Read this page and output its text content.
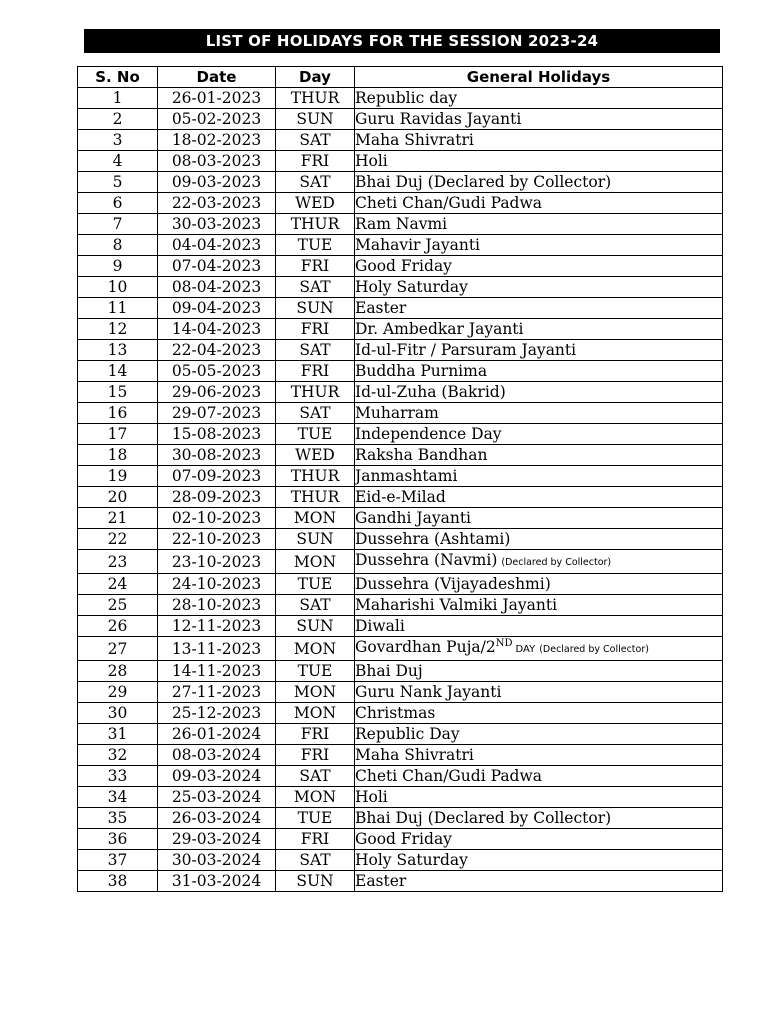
LIST OF HOLIDAYS FOR THE SESSION 2023-24
S. No	Date	Day	General Holidays
1	26-01-2023	THUR	Republic day
2	05-02-2023	SUN	Guru Ravidas Jayanti
3	18-02-2023	SAT	Maha Shivratri
4	08-03-2023	FRI	Holi
5	09-03-2023	SAT	Bhai Duj (Declared by Collector)
6	22-03-2023	WED	Cheti Chan/Gudi Padwa
7	30-03-2023	THUR	Ram Navmi
8	04-04-2023	TUE	Mahavir Jayanti
9	07-04-2023	FRI	Good Friday
10	08-04-2023	SAT	Holy Saturday
11	09-04-2023	SUN	Easter
12	14-04-2023	FRI	Dr. Ambedkar Jayanti
13	22-04-2023	SAT	Id-ul-Fitr / Parsuram Jayanti
14	05-05-2023	FRI	Buddha Purnima
15	29-06-2023	THUR	Id-ul-Zuha (Bakrid)
16	29-07-2023	SAT	Muharram
17	15-08-2023	TUE	Independence Day
18	30-08-2023	WED	Raksha Bandhan
19	07-09-2023	THUR	Janmashtami
20	28-09-2023	THUR	Eid-e-Milad
21	02-10-2023	MON	Gandhi Jayanti
22	22-10-2023	SUN	Dussehra (Ashtami)
23	23-10-2023	MON	Dussehra (Navmi) (Declared by Collector)
24	24-10-2023	TUE	Dussehra (Vijayadeshmi)
25	28-10-2023	SAT	Maharishi Valmiki Jayanti
26	12-11-2023	SUN	Diwali
27	13-11-2023	MON	Govardhan Puja/2NDDAY (Declared by Collector)
28	14-11-2023	TUE	Bhai Duj
29	27-11-2023	MON	Guru Nank Jayanti
30	25-12-2023	MON	Christmas
31	26-01-2024	FRI	Republic Day
32	08-03-2024	FRI	Maha Shivratri
33	09-03-2024	SAT	Cheti Chan/Gudi Padwa
34	25-03-2024	MON	Holi
35	26-03-2024	TUE	Bhai Duj (Declared by Collector)
36	29-03-2024	FRI	Good Friday
37	30-03-2024	SAT	Holy Saturday
38	31-03-2024	SUN	Easter
